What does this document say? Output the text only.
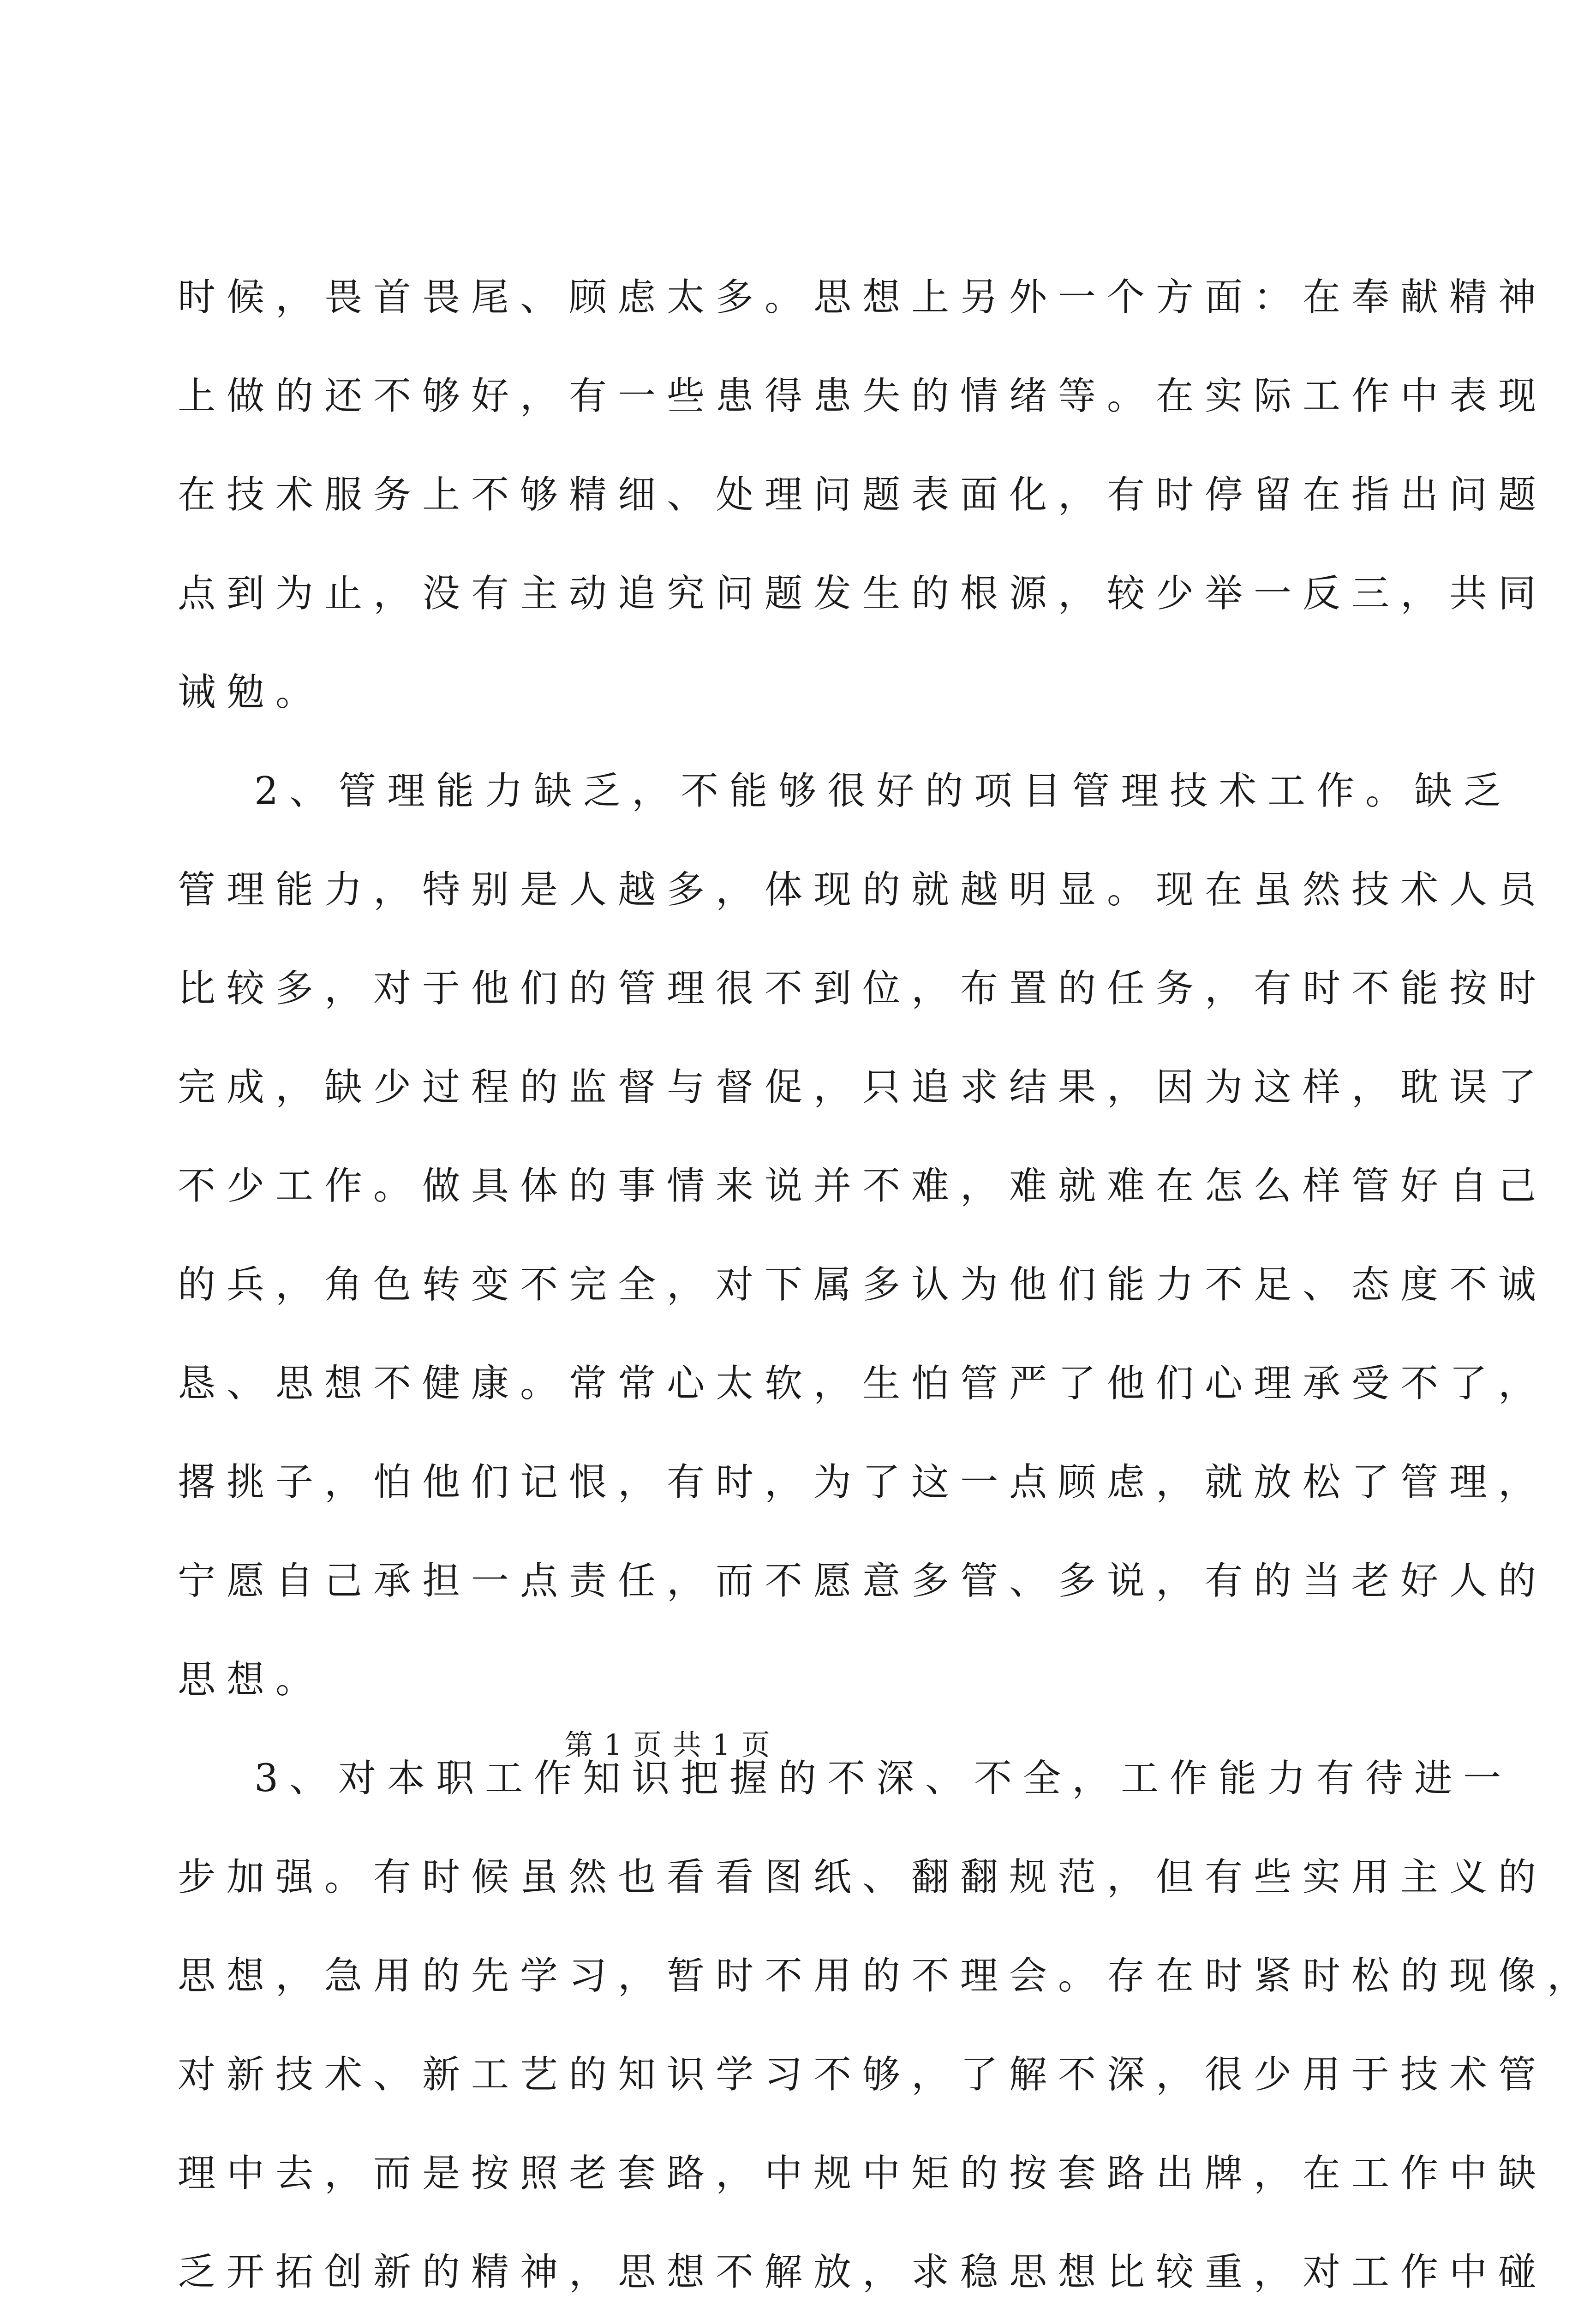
时候，畏首畏尾、顾虑太多。思想上另外一个方面：在奉献精神
上做的还不够好，有一些患得患失的情绪等。在实际工作中表现
在技术服务上不够精细、处理问题表面化，有时停留在指出问题
点到为止，没有主动追究问题发生的根源，较少举一反三，共同
诫勉。
2、管理能力缺乏，不能够很好的项目管理技术工作。缺乏
管理能力，特别是人越多，体现的就越明显。现在虽然技术人员
比较多，对于他们的管理很不到位，布置的任务，有时不能按时
完成，缺少过程的监督与督促，只追求结果，因为这样，耽误了
不少工作。做具体的事情来说并不难，难就难在怎么样管好自己
的兵，角色转变不完全，对下属多认为他们能力不足、态度不诚
恳、思想不健康。常常心太软，生怕管严了他们心理承受不了，
撂挑子，怕他们记恨，有时，为了这一点顾虑，就放松了管理，
宁愿自己承担一点责任，而不愿意多管、多说，有的当老好人的
思想。
3、对本职工作知识把握的不深、不全，工作能力有待进一
步加强。有时候虽然也看看图纸、翻翻规范，但有些实用主义的
思想，急用的先学习，暂时不用的不理会。存在时紧时松的现像，
对新技术、新工艺的知识学习不够，了解不深，很少用于技术管
理中去，而是按照老套路，中规中矩的按套路出牌，在工作中缺
乏开拓创新的精神，思想不解放，求稳思想比较重，对工作中碰
第 1 页 共 1 页
